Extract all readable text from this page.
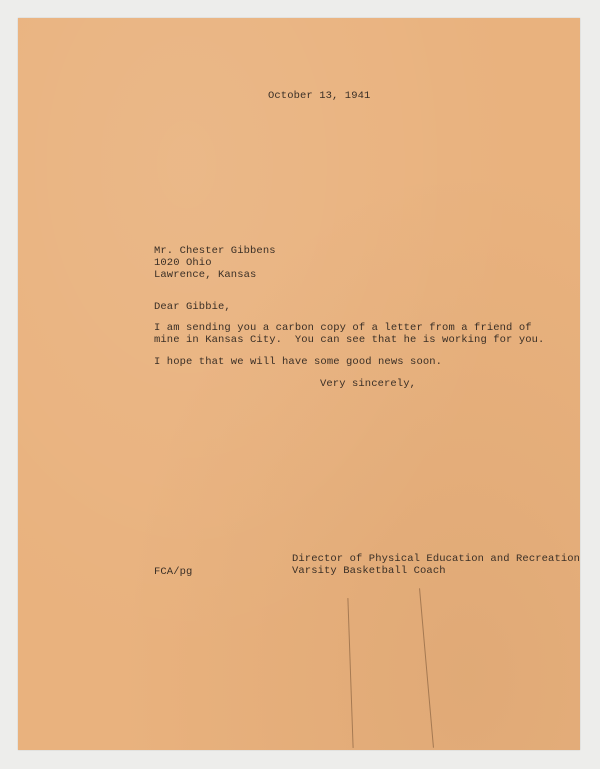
October 13, 1941
Mr. Chester Gibbens
1020 Ohio
Lawrence, Kansas
Dear Gibbie,
I am sending you a carbon copy of a letter from a friend of
mine in Kansas City.  You can see that he is working for you.
I hope that we will have some good news soon.
Very sincerely,
FCA/pg
Director of Physical Education and Recreation
Varsity Basketball Coach
